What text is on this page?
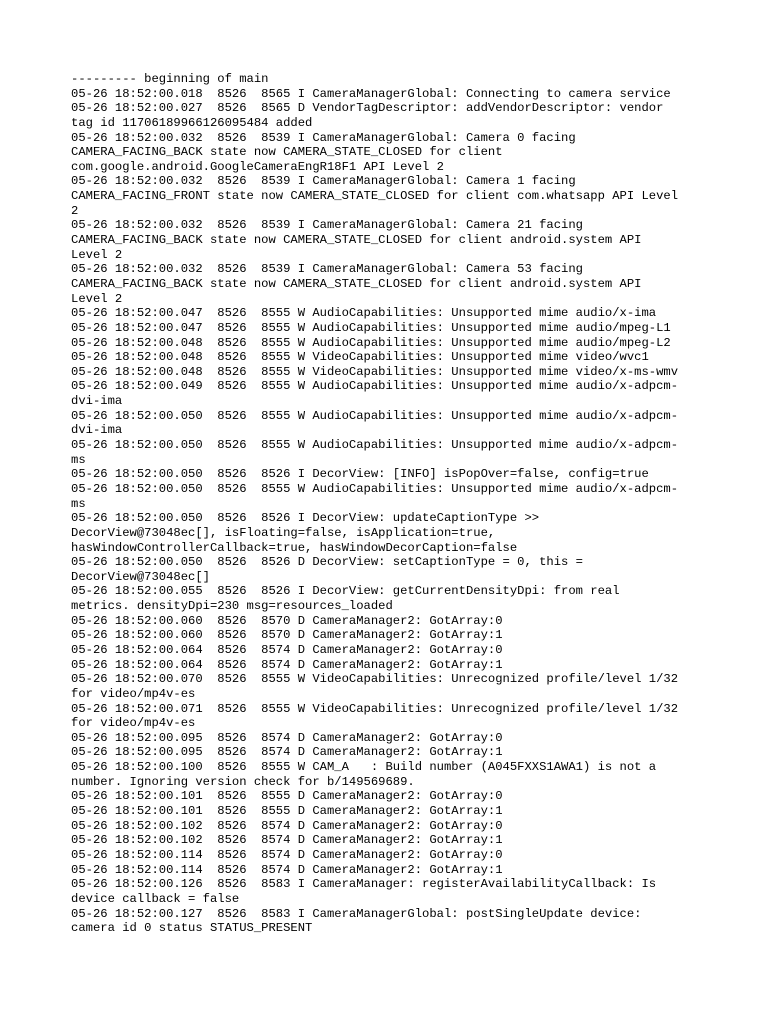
--------- beginning of main
05-26 18:52:00.018  8526  8565 I CameraManagerGlobal: Connecting to camera service
05-26 18:52:00.027  8526  8565 D VendorTagDescriptor: addVendorDescriptor: vendor
tag id 11706189966126095484 added
05-26 18:52:00.032  8526  8539 I CameraManagerGlobal: Camera 0 facing
CAMERA_FACING_BACK state now CAMERA_STATE_CLOSED for client
com.google.android.GoogleCameraEngR18F1 API Level 2
05-26 18:52:00.032  8526  8539 I CameraManagerGlobal: Camera 1 facing
CAMERA_FACING_FRONT state now CAMERA_STATE_CLOSED for client com.whatsapp API Level
2
05-26 18:52:00.032  8526  8539 I CameraManagerGlobal: Camera 21 facing
CAMERA_FACING_BACK state now CAMERA_STATE_CLOSED for client android.system API
Level 2
05-26 18:52:00.032  8526  8539 I CameraManagerGlobal: Camera 53 facing
CAMERA_FACING_BACK state now CAMERA_STATE_CLOSED for client android.system API
Level 2
05-26 18:52:00.047  8526  8555 W AudioCapabilities: Unsupported mime audio/x-ima
05-26 18:52:00.047  8526  8555 W AudioCapabilities: Unsupported mime audio/mpeg-L1
05-26 18:52:00.048  8526  8555 W AudioCapabilities: Unsupported mime audio/mpeg-L2
05-26 18:52:00.048  8526  8555 W VideoCapabilities: Unsupported mime video/wvc1
05-26 18:52:00.048  8526  8555 W VideoCapabilities: Unsupported mime video/x-ms-wmv
05-26 18:52:00.049  8526  8555 W AudioCapabilities: Unsupported mime audio/x-adpcm-
dvi-ima
05-26 18:52:00.050  8526  8555 W AudioCapabilities: Unsupported mime audio/x-adpcm-
dvi-ima
05-26 18:52:00.050  8526  8555 W AudioCapabilities: Unsupported mime audio/x-adpcm-
ms
05-26 18:52:00.050  8526  8526 I DecorView: [INFO] isPopOver=false, config=true
05-26 18:52:00.050  8526  8555 W AudioCapabilities: Unsupported mime audio/x-adpcm-
ms
05-26 18:52:00.050  8526  8526 I DecorView: updateCaptionType >>
DecorView@73048ec[], isFloating=false, isApplication=true,
hasWindowControllerCallback=true, hasWindowDecorCaption=false
05-26 18:52:00.050  8526  8526 D DecorView: setCaptionType = 0, this =
DecorView@73048ec[]
05-26 18:52:00.055  8526  8526 I DecorView: getCurrentDensityDpi: from real
metrics. densityDpi=230 msg=resources_loaded
05-26 18:52:00.060  8526  8570 D CameraManager2: GotArray:0
05-26 18:52:00.060  8526  8570 D CameraManager2: GotArray:1
05-26 18:52:00.064  8526  8574 D CameraManager2: GotArray:0
05-26 18:52:00.064  8526  8574 D CameraManager2: GotArray:1
05-26 18:52:00.070  8526  8555 W VideoCapabilities: Unrecognized profile/level 1/32
for video/mp4v-es
05-26 18:52:00.071  8526  8555 W VideoCapabilities: Unrecognized profile/level 1/32
for video/mp4v-es
05-26 18:52:00.095  8526  8574 D CameraManager2: GotArray:0
05-26 18:52:00.095  8526  8574 D CameraManager2: GotArray:1
05-26 18:52:00.100  8526  8555 W CAM_A   : Build number (A045FXXS1AWA1) is not a
number. Ignoring version check for b/149569689.
05-26 18:52:00.101  8526  8555 D CameraManager2: GotArray:0
05-26 18:52:00.101  8526  8555 D CameraManager2: GotArray:1
05-26 18:52:00.102  8526  8574 D CameraManager2: GotArray:0
05-26 18:52:00.102  8526  8574 D CameraManager2: GotArray:1
05-26 18:52:00.114  8526  8574 D CameraManager2: GotArray:0
05-26 18:52:00.114  8526  8574 D CameraManager2: GotArray:1
05-26 18:52:00.126  8526  8583 I CameraManager: registerAvailabilityCallback: Is
device callback = false
05-26 18:52:00.127  8526  8583 I CameraManagerGlobal: postSingleUpdate device:
camera id 0 status STATUS_PRESENT
